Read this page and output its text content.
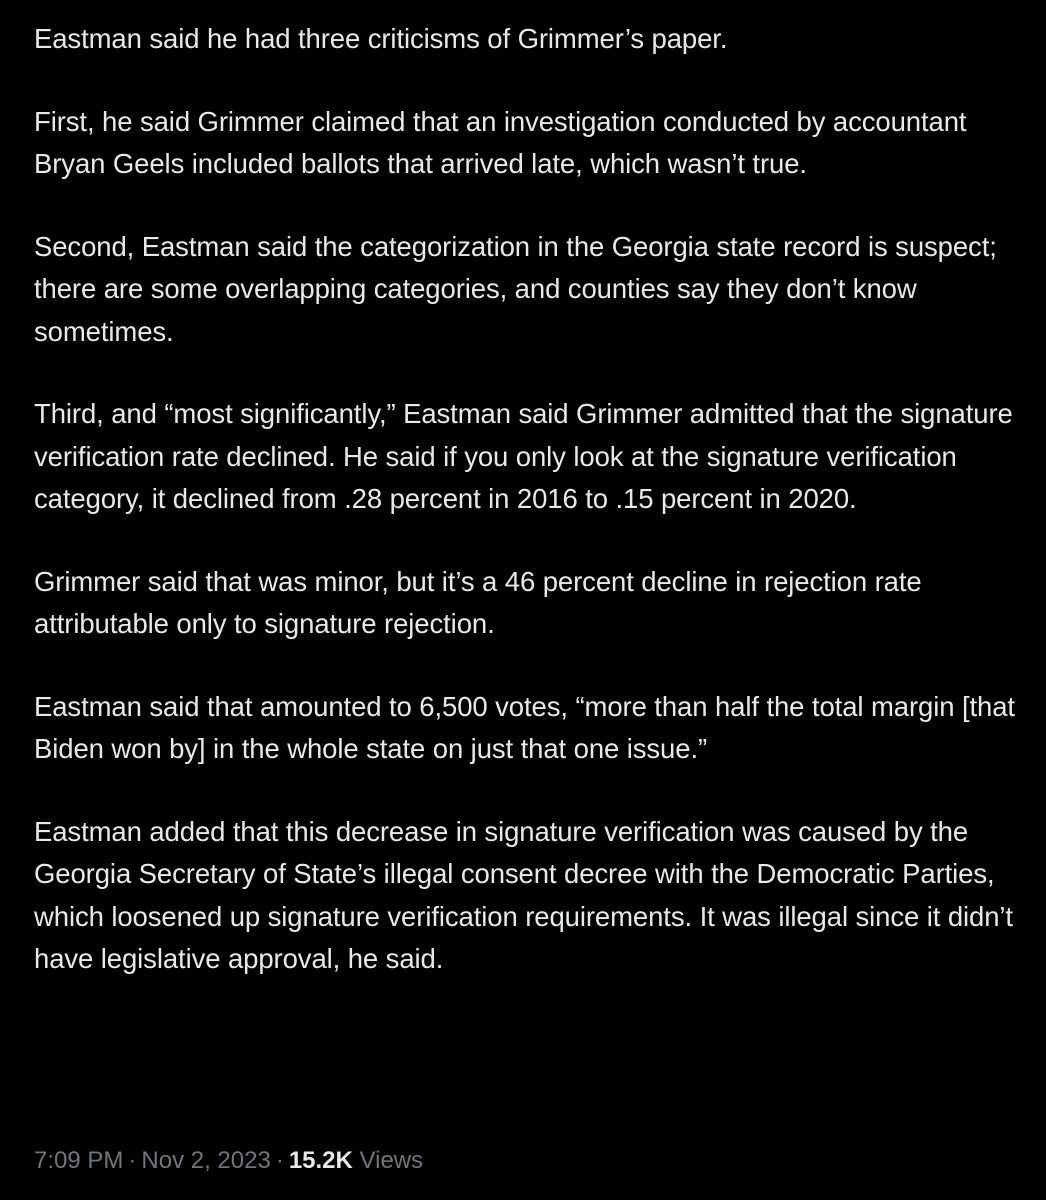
Eastman said he had three criticisms of Grimmer’s paper.

First, he said Grimmer claimed that an investigation conducted by accountant Bryan Geels included ballots that arrived late, which wasn’t true.

Second, Eastman said the categorization in the Georgia state record is suspect; there are some overlapping categories, and counties say they don’t know sometimes.

Third, and “most significantly,” Eastman said Grimmer admitted that the signature verification rate declined. He said if you only look at the signature verification category, it declined from .28 percent in 2016 to .15 percent in 2020.

Grimmer said that was minor, but it’s a 46 percent decline in rejection rate attributable only to signature rejection.

Eastman said that amounted to 6,500 votes, “more than half the total margin [that Biden won by] in the whole state on just that one issue.”

Eastman added that this decrease in signature verification was caused by the Georgia Secretary of State’s illegal consent decree with the Democratic Parties, which loosened up signature verification requirements. It was illegal since it didn’t have legislative approval, he said.

7:09 PM · Nov 2, 2023 · 15.2K Views
